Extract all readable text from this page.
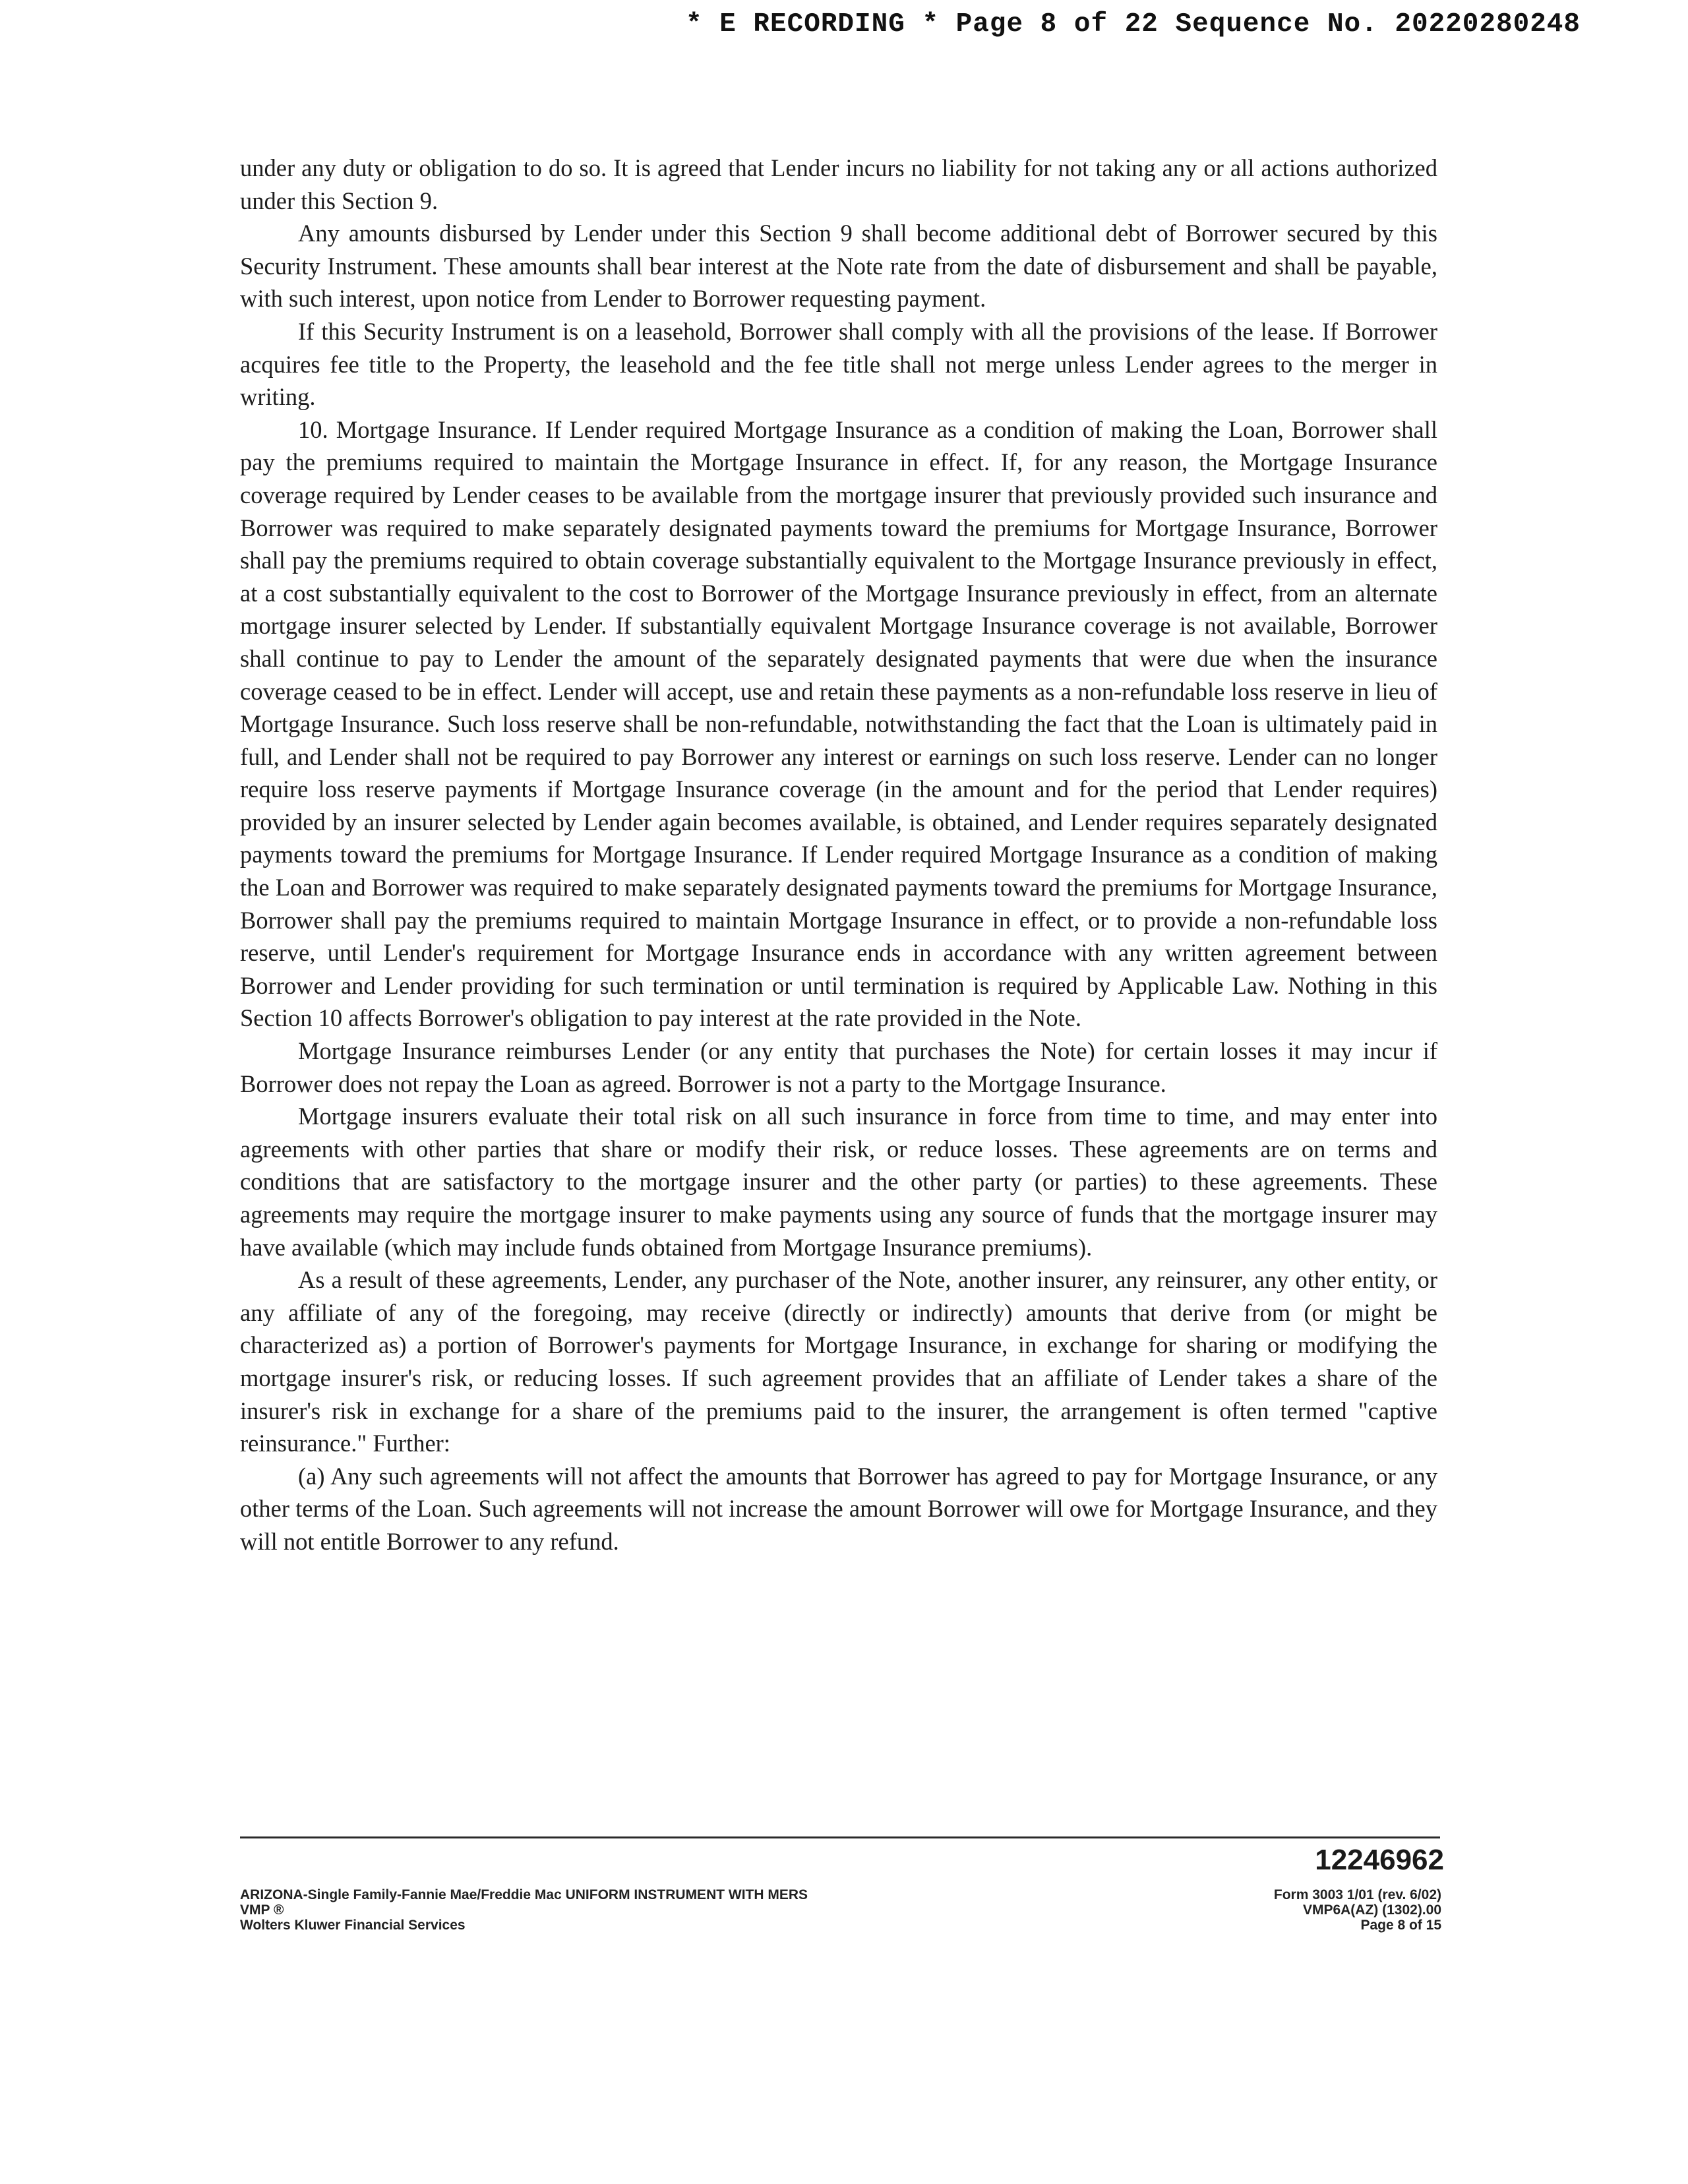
* E RECORDING * Page 8 of 22 Sequence No. 20220280248

under any duty or obligation to do so. It is agreed that Lender incurs no liability for not taking any or all actions authorized under this Section 9.

Any amounts disbursed by Lender under this Section 9 shall become additional debt of Borrower secured by this Security Instrument. These amounts shall bear interest at the Note rate from the date of disbursement and shall be payable, with such interest, upon notice from Lender to Borrower requesting payment.

If this Security Instrument is on a leasehold, Borrower shall comply with all the provisions of the lease. If Borrower acquires fee title to the Property, the leasehold and the fee title shall not merge unless Lender agrees to the merger in writing.

10. Mortgage Insurance. If Lender required Mortgage Insurance as a condition of making the Loan, Borrower shall pay the premiums required to maintain the Mortgage Insurance in effect. If, for any reason, the Mortgage Insurance coverage required by Lender ceases to be available from the mortgage insurer that previously provided such insurance and Borrower was required to make separately designated payments toward the premiums for Mortgage Insurance, Borrower shall pay the premiums required to obtain coverage substantially equivalent to the Mortgage Insurance previously in effect, at a cost substantially equivalent to the cost to Borrower of the Mortgage Insurance previously in effect, from an alternate mortgage insurer selected by Lender. If substantially equivalent Mortgage Insurance coverage is not available, Borrower shall continue to pay to Lender the amount of the separately designated payments that were due when the insurance coverage ceased to be in effect. Lender will accept, use and retain these payments as a non-refundable loss reserve in lieu of Mortgage Insurance. Such loss reserve shall be non-refundable, notwithstanding the fact that the Loan is ultimately paid in full, and Lender shall not be required to pay Borrower any interest or earnings on such loss reserve. Lender can no longer require loss reserve payments if Mortgage Insurance coverage (in the amount and for the period that Lender requires) provided by an insurer selected by Lender again becomes available, is obtained, and Lender requires separately designated payments toward the premiums for Mortgage Insurance. If Lender required Mortgage Insurance as a condition of making the Loan and Borrower was required to make separately designated payments toward the premiums for Mortgage Insurance, Borrower shall pay the premiums required to maintain Mortgage Insurance in effect, or to provide a non-refundable loss reserve, until Lender's requirement for Mortgage Insurance ends in accordance with any written agreement between Borrower and Lender providing for such termination or until termination is required by Applicable Law. Nothing in this Section 10 affects Borrower's obligation to pay interest at the rate provided in the Note.

Mortgage Insurance reimburses Lender (or any entity that purchases the Note) for certain losses it may incur if Borrower does not repay the Loan as agreed. Borrower is not a party to the Mortgage Insurance.

Mortgage insurers evaluate their total risk on all such insurance in force from time to time, and may enter into agreements with other parties that share or modify their risk, or reduce losses. These agreements are on terms and conditions that are satisfactory to the mortgage insurer and the other party (or parties) to these agreements. These agreements may require the mortgage insurer to make payments using any source of funds that the mortgage insurer may have available (which may include funds obtained from Mortgage Insurance premiums).

As a result of these agreements, Lender, any purchaser of the Note, another insurer, any reinsurer, any other entity, or any affiliate of any of the foregoing, may receive (directly or indirectly) amounts that derive from (or might be characterized as) a portion of Borrower's payments for Mortgage Insurance, in exchange for sharing or modifying the mortgage insurer's risk, or reducing losses. If such agreement provides that an affiliate of Lender takes a share of the insurer's risk in exchange for a share of the premiums paid to the insurer, the arrangement is often termed "captive reinsurance." Further:

(a) Any such agreements will not affect the amounts that Borrower has agreed to pay for Mortgage Insurance, or any other terms of the Loan. Such agreements will not increase the amount Borrower will owe for Mortgage Insurance, and they will not entitle Borrower to any refund.

12246962
ARIZONA-Single Family-Fannie Mae/Freddie Mac UNIFORM INSTRUMENT WITH MERS
VMP ®
Wolters Kluwer Financial Services
Form 3003 1/01 (rev. 6/02)
VMP6A(AZ) (1302).00
Page 8 of 15
